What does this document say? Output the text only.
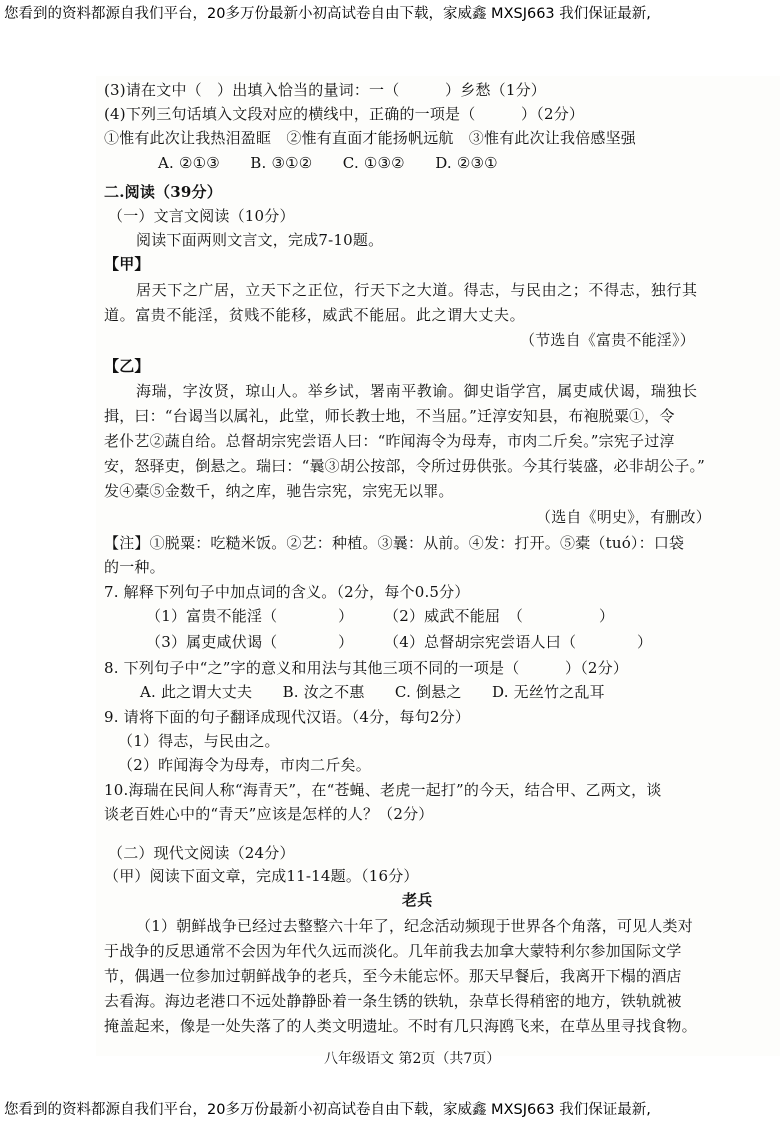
您看到的资料都源自我们平台，20多万份最新小初高试卷自由下载，家威鑫 MXSJ663 我们保证最新,
(3)请在文中（　）出填入恰当的量词：一（　　　）乡愁（1分）
(4)下列三句话填入文段对应的横线中，正确的一项是（　　　）（2分）
①惟有此次让我热泪盈眶　②惟有直面才能扬帆远航　③惟有此次让我倍感坚强
A. ②①③　　B. ③①②　　C. ①③②　　D. ②③①
二.阅读（39分）
（一）文言文阅读（10分）
阅读下面两则文言文，完成7-10题。
【甲】
居天下之广居，立天下之正位，行天下之大道。得志，与民由之；不得志，独行其
道。富贵不能淫，贫贱不能移，威武不能屈。此之谓大丈夫。
（节选自《富贵不能淫》）
【乙】
海瑞，字汝贤，琼山人。举乡试，署南平教谕。御史诣学宫，属吏咸伏谒，瑞独长
揖，曰：“台谒当以属礼，此堂，师长教士地，不当屈。”迁淳安知县，布袍脱粟①，令
老仆艺②蔬自给。总督胡宗宪尝语人曰：“昨闻海令为母寿，市肉二斤矣。”宗宪子过淳
安，怒驿吏，倒悬之。瑞曰：“曩③胡公按部，令所过毋供张。今其行装盛，必非胡公子。”
发④橐⑤金数千，纳之库，驰告宗宪，宗宪无以罪。
（选自《明史》，有删改）
【注】①脱粟：吃糙米饭。②艺：种植。③曩：从前。④发：打开。⑤橐（tuó）：口袋
的一种。
7. 解释下列句子中加点词的含义。（2分，每个0.5分）
（1）富贵不能淫（　　　　） （2）威武不能屈　（　　　　　）
（3）属吏咸伏谒（　　　　） （4）总督胡宗宪尝语人曰（　　　　）
8. 下列句子中“之”字的意义和用法与其他三项不同的一项是（　　　）（2分）
A. 此之谓大丈夫　　B. 汝之不惠　　C. 倒悬之　　D. 无丝竹之乱耳
9. 请将下面的句子翻译成现代汉语。（4分，每句2分）
（1）得志，与民由之。
（2）昨闻海令为母寿，市肉二斤矣。
10.海瑞在民间人称“海青天”，在“苍蝇、老虎一起打”的今天，结合甲、乙两文，谈
谈老百姓心中的“青天”应该是怎样的人？（2分）
（二）现代文阅读（24分）
（甲）阅读下面文章，完成11-14题。（16分）
老兵
（1）朝鲜战争已经过去整整六十年了，纪念活动频现于世界各个角落，可见人类对
于战争的反思通常不会因为年代久远而淡化。几年前我去加拿大蒙特利尔参加国际文学
节，偶遇一位参加过朝鲜战争的老兵，至今未能忘怀。那天早餐后，我离开下榻的酒店
去看海。海边老港口不远处静静卧着一条生锈的铁轨，杂草长得稍密的地方，铁轨就被
掩盖起来，像是一处失落了的人类文明遗址。不时有几只海鸥飞来，在草丛里寻找食物。
八年级语文 第2页（共7页）
您看到的资料都源自我们平台，20多万份最新小初高试卷自由下载，家威鑫 MXSJ663 我们保证最新,
